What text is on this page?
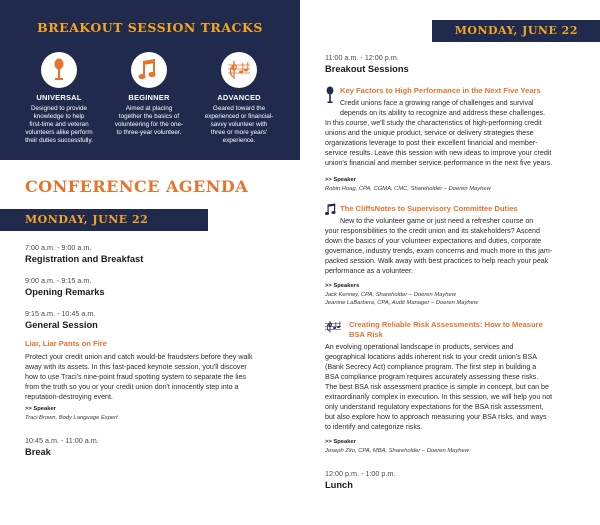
BREAKOUT SESSION TRACKS
UNIVERSAL
Designed to provide
knowledge to help
first-time and veteran
volunteers alike perform
their duties successfully.
BEGINNER
Aimed at placing
together the basics of
volunteering for the one-
to three-year volunteer.
ADVANCED
Geared toward the
experienced or financial-
savvy volunteer with
three or more years'
experience.
CONFERENCE AGENDA
MONDAY, JUNE 22
7:00 a.m. - 9:00 a.m.
Registration and Breakfast
9:00 a.m. - 9:15 a.m.
Opening Remarks
9:15 a.m. - 10:45 a.m.
General Session
Liar, Liar Pants on Fire
Protect your credit union and catch would-be fraudsters before they walk
away with its assets. In this fast-paced keynote session, you'll discover
how to use Traci's nine-point fraud spotting system to separate the lies
from the truth so you or your credit union don't innocently step into a
reputation-destroying event.
>> Speaker
Traci Brown, Body Language Expert
10:45 a.m. - 11:00 a.m.
Break
MONDAY, JUNE 22
11:00 a.m. - 12:00 p.m.
Breakout Sessions
Key Factors to High Performance in the Next Five Years
Credit unions face a growing range of challenges and survival
depends on its ability to recognize and address these challenges.
In this course, we'll study the characteristics of high-performing credit
unions and the unique product, service or delivery strategies these
organizations leverage to post their excellent financial and member-
service results. Leave this session with new ideas to improve your credit
union's financial and member service performance in the next five years.
>> Speaker
Robin Hoag, CPA, CGMA, CMC, Shareholder – Doeren Mayhew
The CliffsNotes to Supervisory Committee Duties
New to the volunteer game or just need a refresher course on
your responsibilities to the credit union and its stakeholders? Ascend
down the basics of your volunteer expectations and duties, corporate
governance, industry trends, exam concerns and much more in this jam-
packed session. Walk away with best practices to help reach your peak
performance as a volunteer.
>> Speakers
Jack Kenney, CPA, Shareholder – Doeren Mayhew
Jeanine LaBarbera, CPA, Audit Manager – Doeren Mayhew
Creating Reliable Risk Assessments: How to Measure
BSA Risk
An evolving operational landscape in products, services and
geographical locations adds inherent risk to your credit union's BSA
(Bank Secrecy Act) compliance program. The first step in building a
BSA compliance program requires accurately assessing these risks.
The best BSA risk assessment practice is simple in concept, but can be
extraordinarily complex in execution. In this session, we will help you not
only understand regulatory expectations for the BSA risk assessment,
but also explore how to approach measuring your BSA risks, and ways
to identify and categorize risks.
>> Speaker
Joseph Zito, CPA, MBA, Shareholder – Doeren Mayhew
12:00 p.m. - 1:00 p.m.
Lunch
